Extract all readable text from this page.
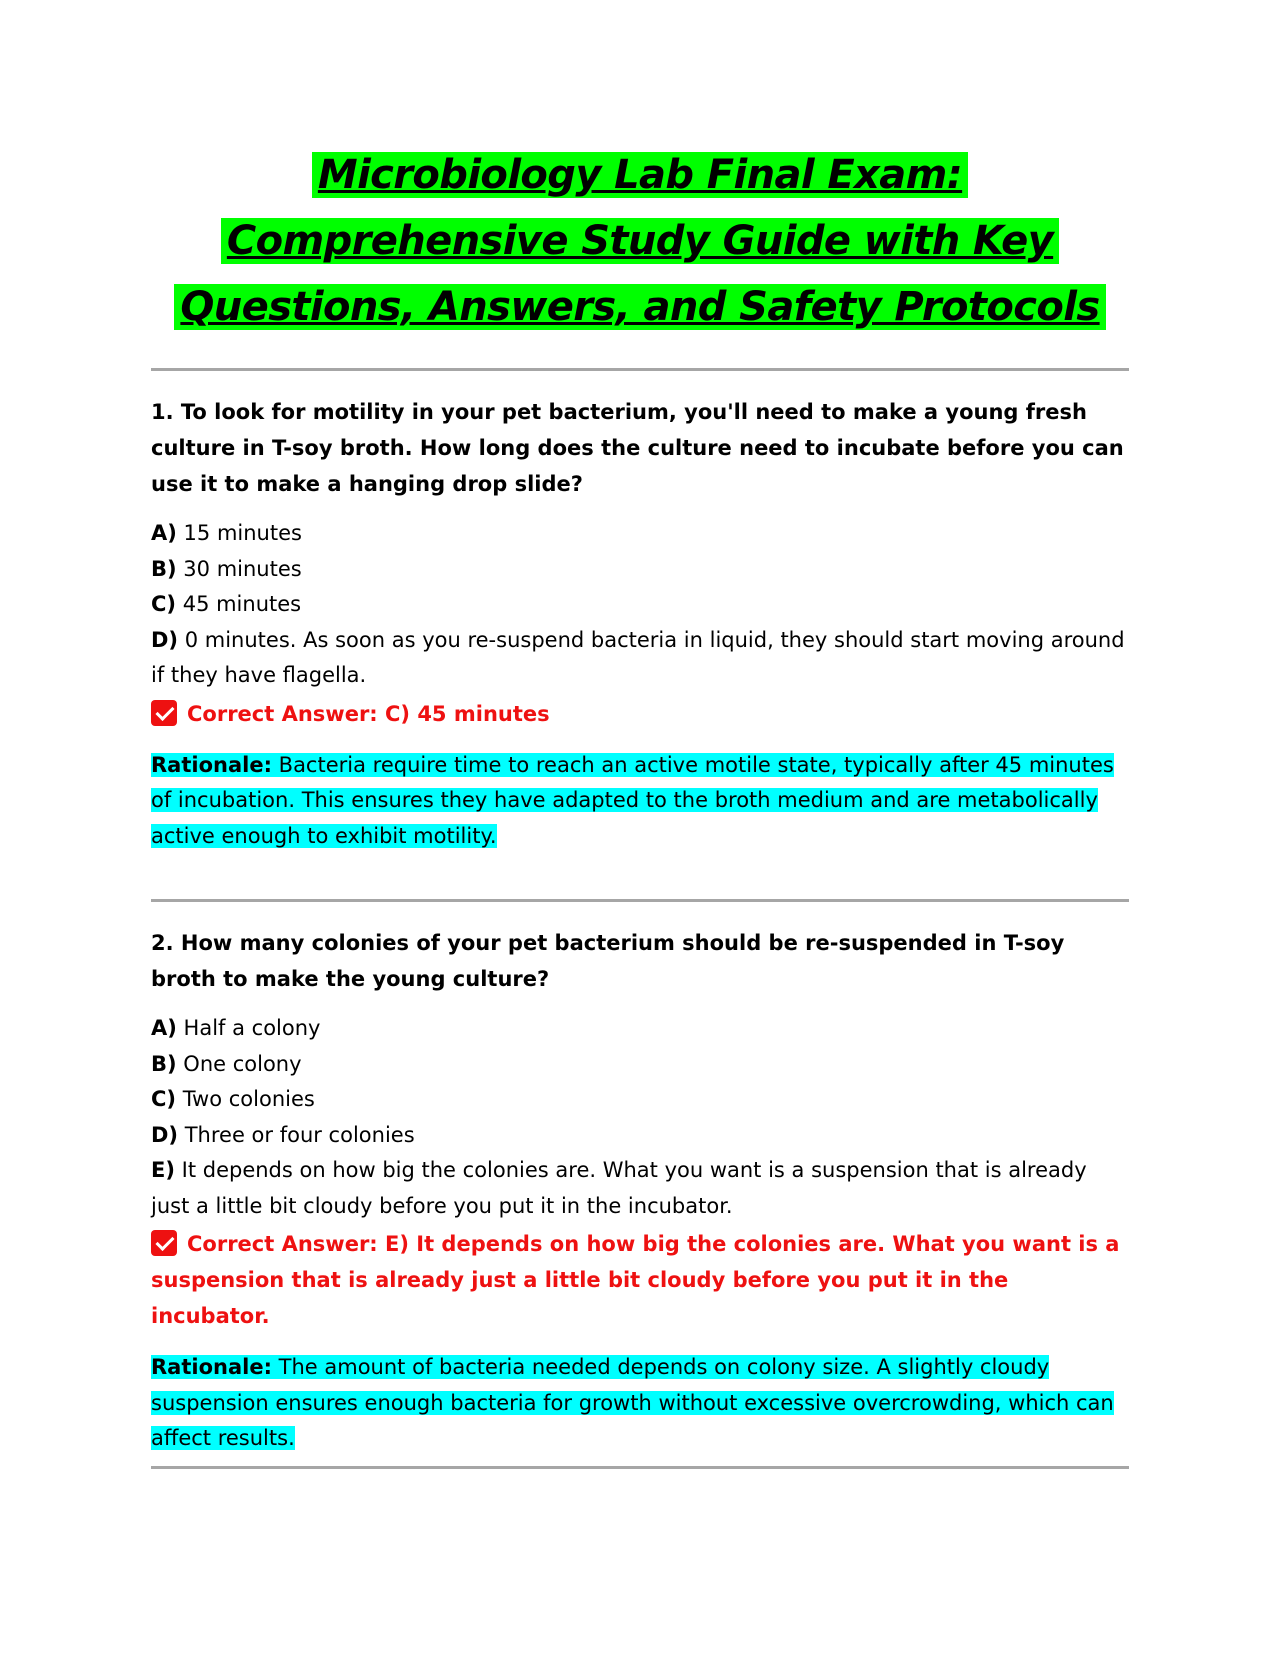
Microbiology Lab Final Exam: Comprehensive Study Guide with Key Questions, Answers, and Safety Protocols

1. To look for motility in your pet bacterium, you'll need to make a young fresh culture in T-soy broth. How long does the culture need to incubate before you can use it to make a hanging drop slide?

A) 15 minutes
B) 30 minutes
C) 45 minutes
D) 0 minutes. As soon as you re-suspend bacteria in liquid, they should start moving around if they have flagella.
Correct Answer: C) 45 minutes
Rationale: Bacteria require time to reach an active motile state, typically after 45 minutes of incubation. This ensures they have adapted to the broth medium and are metabolically active enough to exhibit motility.

2. How many colonies of your pet bacterium should be re-suspended in T-soy broth to make the young culture?

A) Half a colony
B) One colony
C) Two colonies
D) Three or four colonies
E) It depends on how big the colonies are. What you want is a suspension that is already just a little bit cloudy before you put it in the incubator.
Correct Answer: E) It depends on how big the colonies are. What you want is a suspension that is already just a little bit cloudy before you put it in the incubator.
Rationale: The amount of bacteria needed depends on colony size. A slightly cloudy suspension ensures enough bacteria for growth without excessive overcrowding, which can affect results.
